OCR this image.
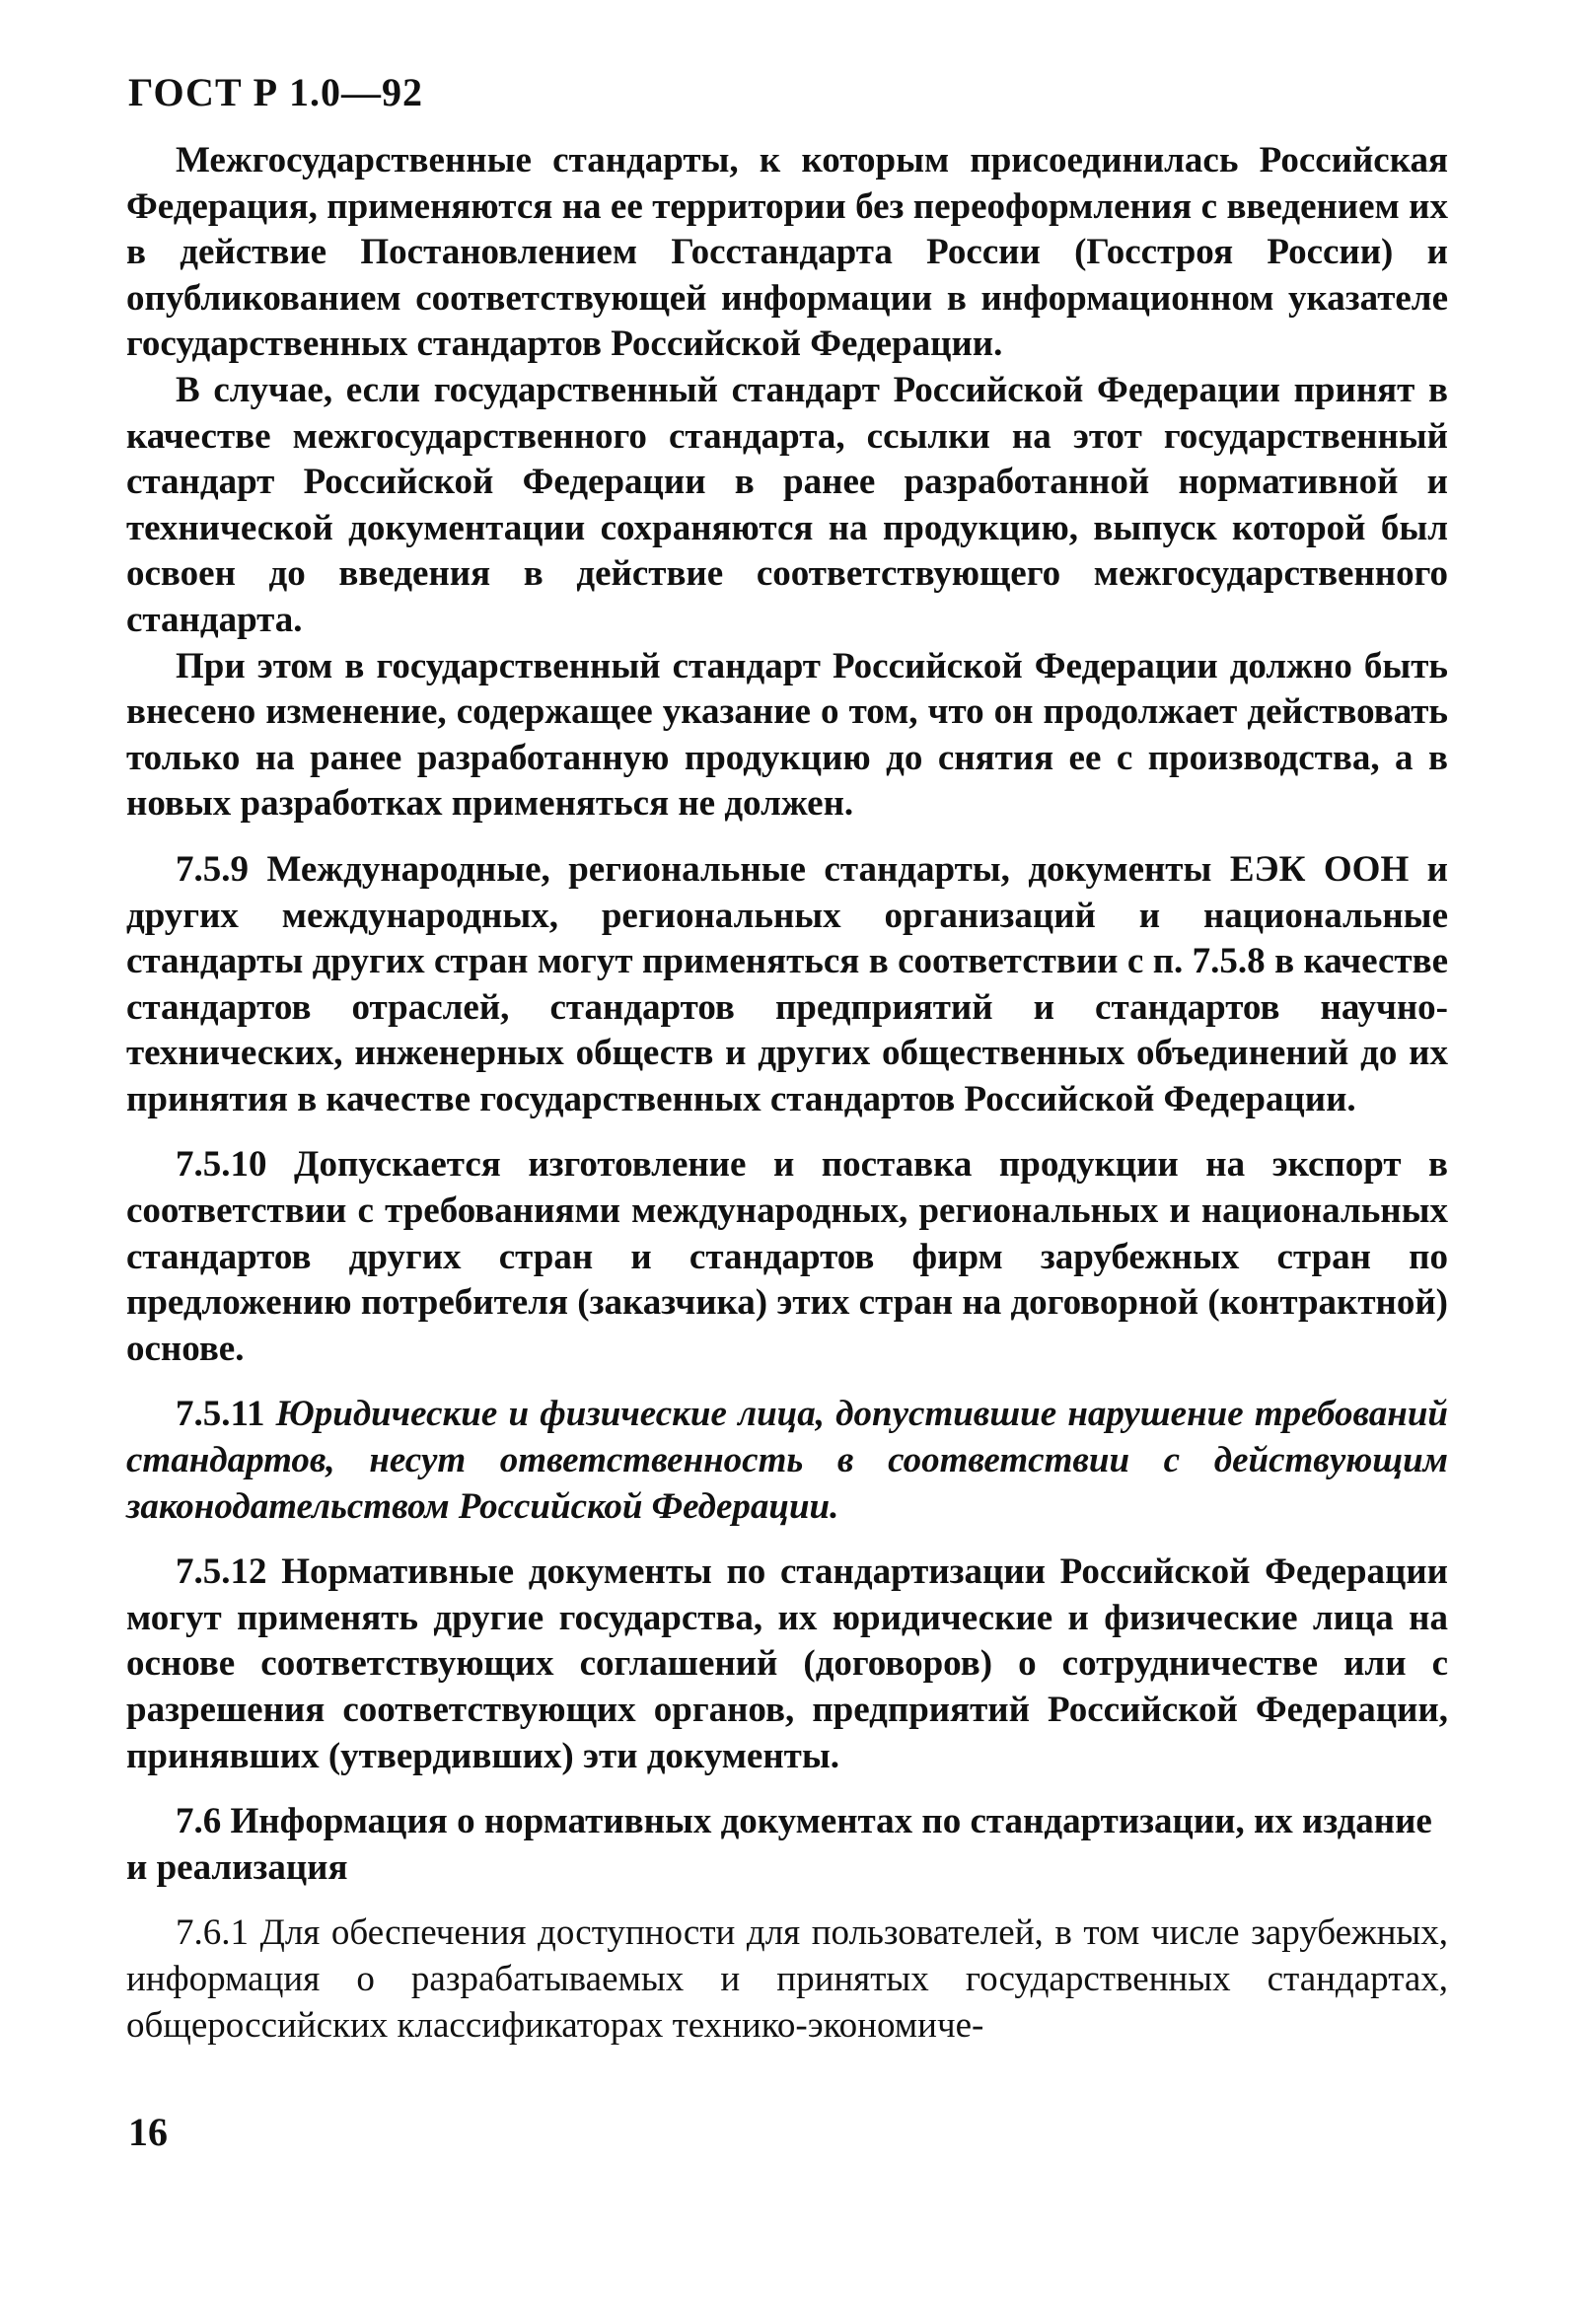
ГОСТ Р 1.0—92

Межгосударственные стандарты, к которым присоединилась Российская Федерация, применяются на ее территории без переоформления с введением их в действие Постановлением Госстандарта России (Госстроя России) и опубликованием соответствующей информации в информационном указателе государственных стандартов Российской Федерации.

В случае, если государственный стандарт Российской Федерации принят в качестве межгосударственного стандарта, ссылки на этот государственный стандарт Российской Федерации в ранее разработанной нормативной и технической документации сохраняются на продукцию, выпуск которой был освоен до введения в действие соответствующего межгосударственного стандарта.

При этом в государственный стандарт Российской Федерации должно быть внесено изменение, содержащее указание о том, что он продолжает действовать только на ранее разработанную продукцию до снятия ее с производства, а в новых разработках применяться не должен.

7.5.9 Международные, региональные стандарты, документы ЕЭК ООН и других международных, региональных организаций и национальные стандарты других стран могут применяться в соответствии с п. 7.5.8 в качестве стандартов отраслей, стандартов предприятий и стандартов научно-технических, инженерных обществ и других общественных объединений до их принятия в качестве государственных стандартов Российской Федерации.

7.5.10 Допускается изготовление и поставка продукции на экспорт в соответствии с требованиями международных, региональных и национальных стандартов других стран и стандартов фирм зарубежных стран по предложению потребителя (заказчика) этих стран на договорной (контрактной) основе.

7.5.11 Юридические и физические лица, допустившие нарушение требований стандартов, несут ответственность в соответствии с действующим законодательством Российской Федерации.

7.5.12 Нормативные документы по стандартизации Российской Федерации могут применять другие государства, их юридические и физические лица на основе соответствующих соглашений (договоров) о сотрудничестве или с разрешения соответствующих органов, предприятий Российской Федерации, принявших (утвердивших) эти документы.

7.6 Информация о нормативных документах по стандартизации, их издание и реализация

7.6.1 Для обеспечения доступности для пользователей, в том числе зарубежных, информация о разрабатываемых и принятых государственных стандартах, общероссийских классификаторах технико-экономиче-

16
